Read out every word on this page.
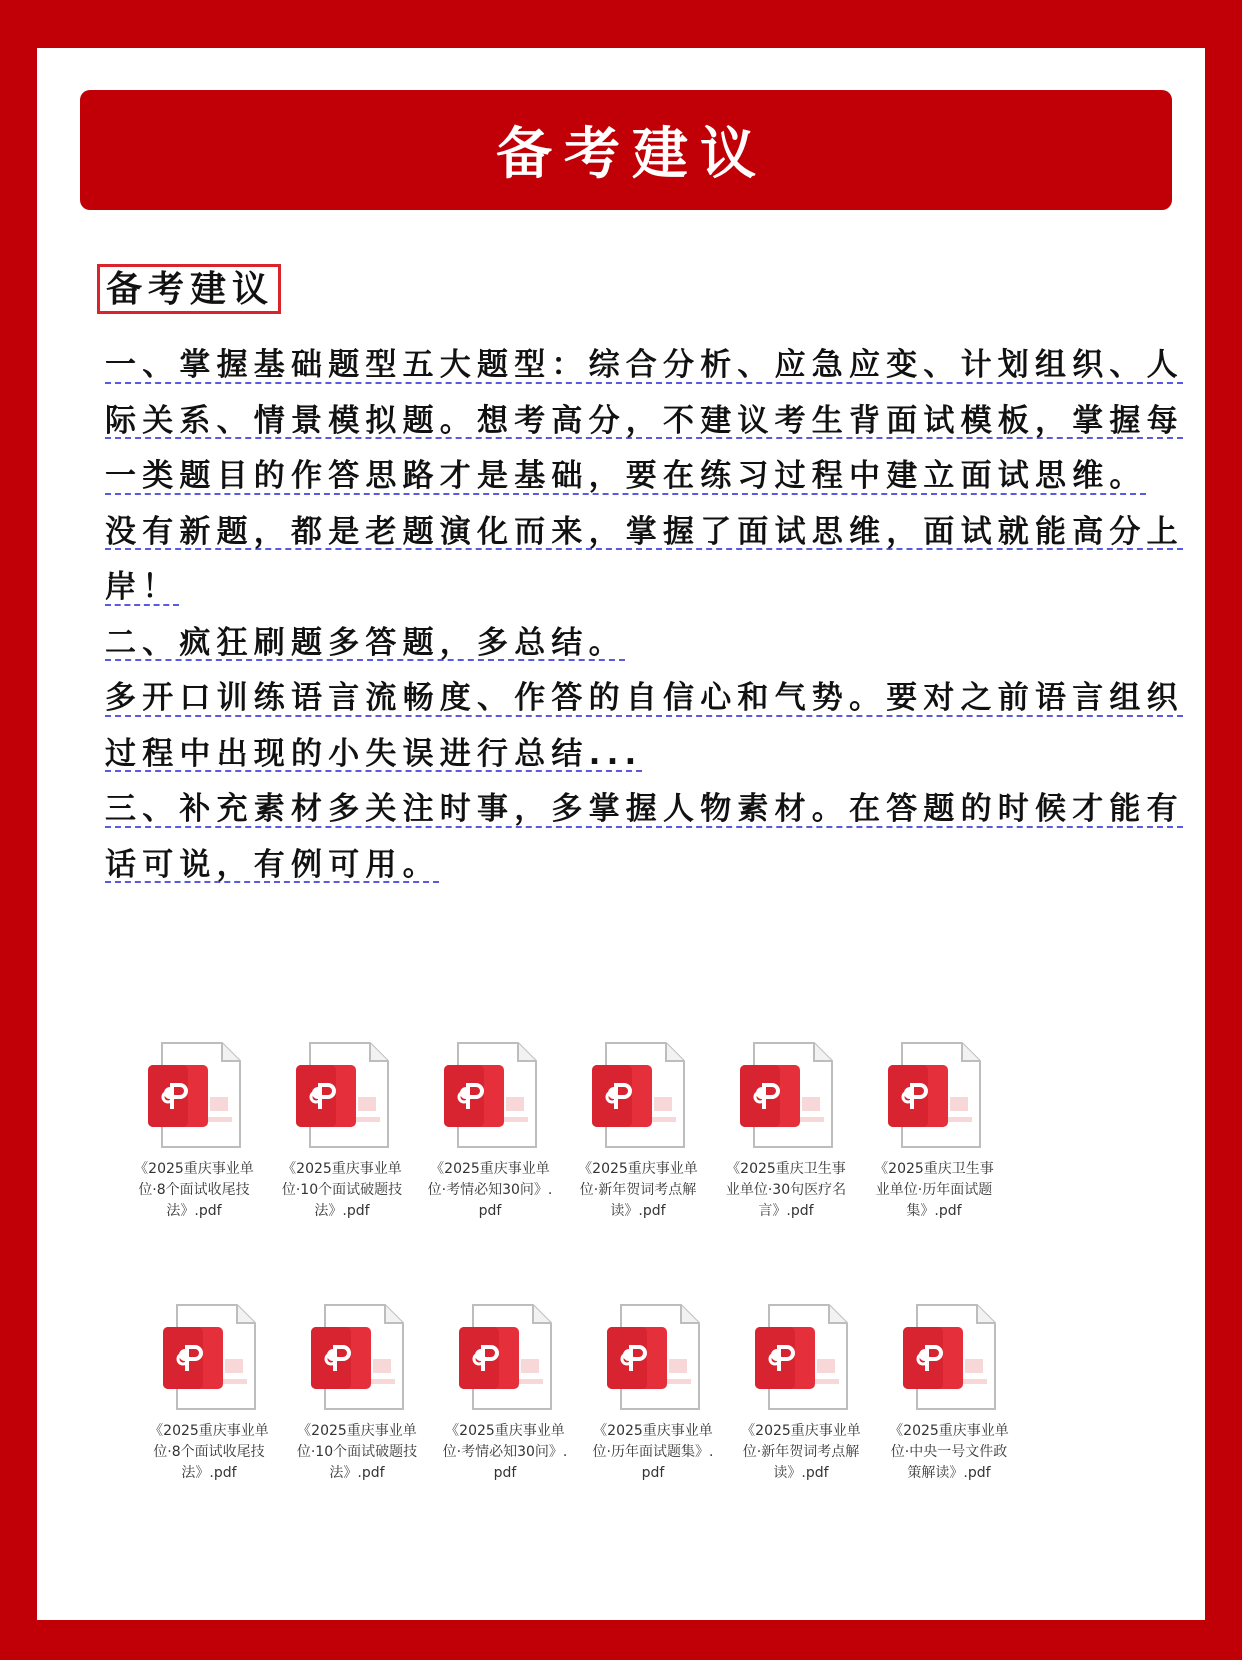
备考建议
备考建议

一、掌握基础题型五大题型：综合分析、应急应变、计划组织、人际关系、情景模拟题。想考高分，不建议考生背面试模板，掌握每一类题目的作答思路才是基础，要在练习过程中建立面试思维。

没有新题，都是老题演化而来，掌握了面试思维，面试就能高分上岸！

二、疯狂刷题多答题，多总结。

多开口训练语言流畅度、作答的自信心和气势。要对之前语言组织过程中出现的小失误进行总结...

三、补充素材多关注时事，多掌握人物素材。在答题的时候才能有话可说，有例可用。

《2025重庆事业单位·8个面试收尾技法》.pdf
《2025重庆事业单位·10个面试破题技法》.pdf
《2025重庆事业单位·考情必知30问》.pdf
《2025重庆事业单位·新年贺词考点解读》.pdf
《2025重庆卫生事业单位·30句医疗名言》.pdf
《2025重庆卫生事业单位·历年面试题集》.pdf
《2025重庆事业单位·8个面试收尾技法》.pdf
《2025重庆事业单位·10个面试破题技法》.pdf
《2025重庆事业单位·考情必知30问》.pdf
《2025重庆事业单位·历年面试题集》.pdf
《2025重庆事业单位·新年贺词考点解读》.pdf
《2025重庆事业单位·中央一号文件政策解读》.pdf
